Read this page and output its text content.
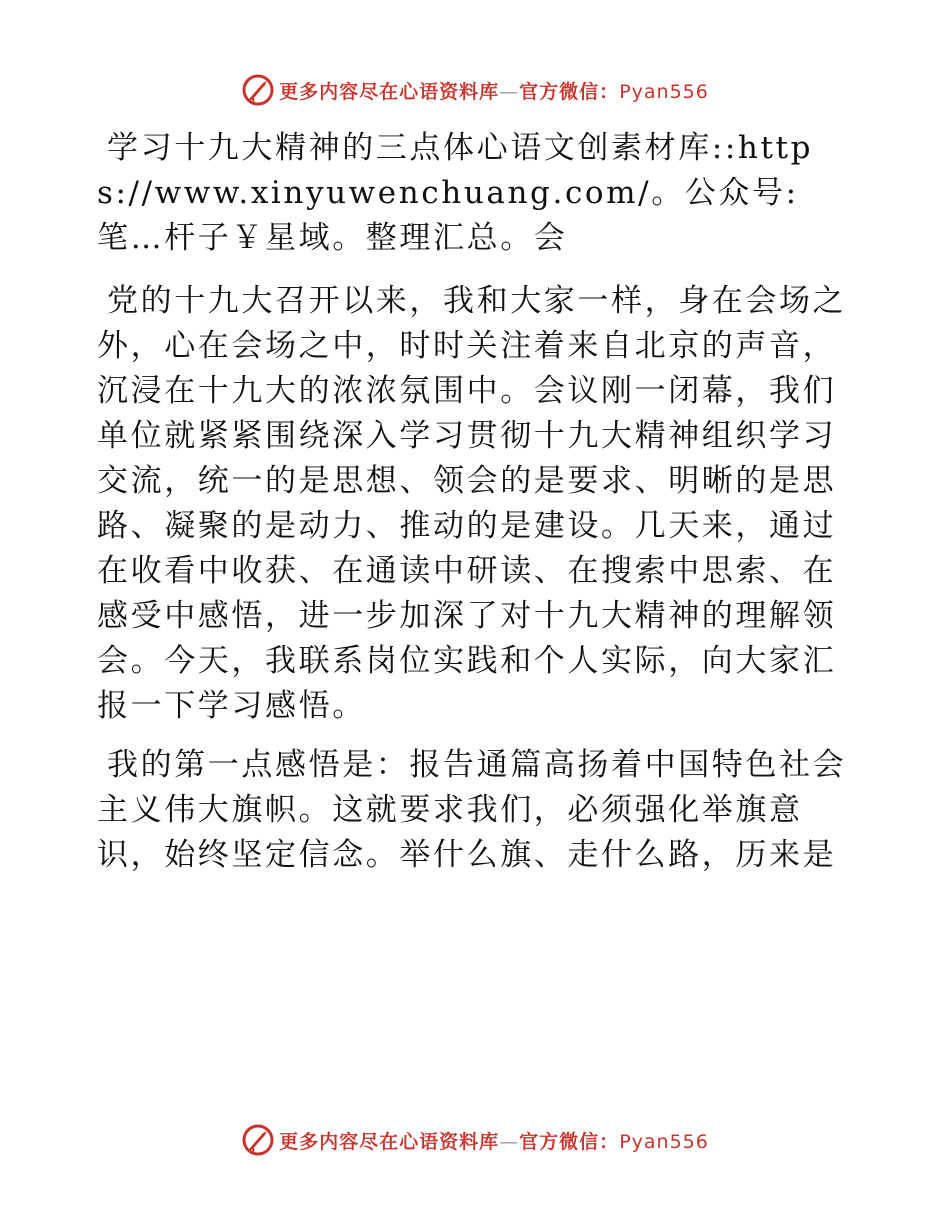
更多内容尽在心语资料库—官方微信：Pyan556

学习十九大精神的三点体心语文创素材库::https://www.xinyuwenchuang.com/。公众号:笔…杆子￥星域。整理汇总。会

党的十九大召开以来，我和大家一样，身在会场之外，心在会场之中，时时关注着来自北京的声音，沉浸在十九大的浓浓氛围中。会议刚一闭幕，我们单位就紧紧围绕深入学习贯彻十九大精神组织学习交流，统一的是思想、领会的是要求、明晰的是思路、凝聚的是动力、推动的是建设。几天来，通过在收看中收获、在通读中研读、在搜索中思索、在感受中感悟，进一步加深了对十九大精神的理解领会。今天，我联系岗位实践和个人实际，向大家汇报一下学习感悟。

我的第一点感悟是：报告通篇高扬着中国特色社会主义伟大旗帜。这就要求我们，必须强化举旗意识，始终坚定信念。举什么旗、走什么路，历来是

更多内容尽在心语资料库—官方微信：Pyan556
